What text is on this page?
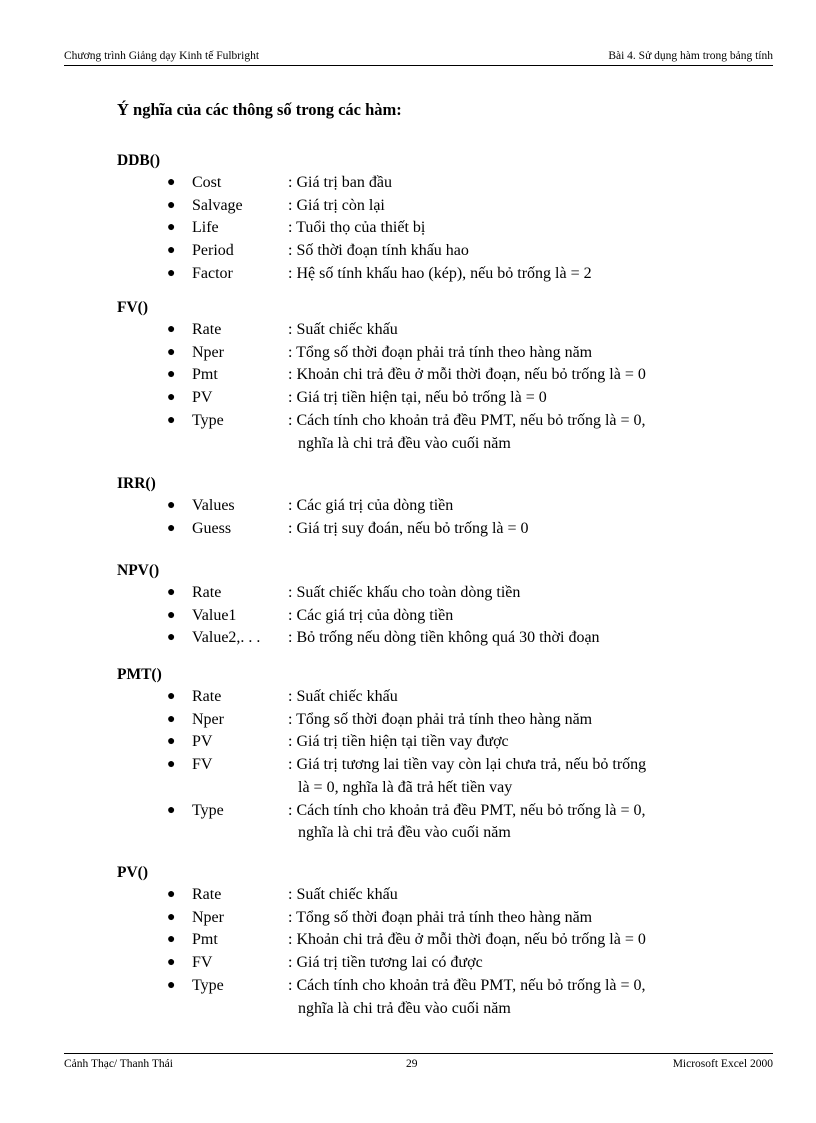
Chương trình Giảng dạy Kinh tế Fulbright	Bài 4. Sử dụng hàm trong bảng tính
Ý nghĩa của các thông số trong các hàm:
DDB()
● Cost	: Giá trị ban đầu
● Salvage	: Giá trị còn lại
● Life	: Tuổi thọ của thiết bị
● Period	: Số thời đoạn tính khấu hao
● Factor	: Hệ số tính khấu hao (kép), nếu bỏ trống là = 2
FV()
● Rate	: Suất chiếc khấu
● Nper	: Tổng số thời đoạn phải trả tính theo hàng năm
● Pmt	: Khoản chi trả đều ở mỗi thời đoạn, nếu bỏ trống là = 0
● PV	: Giá trị tiền hiện tại, nếu bỏ trống là = 0
● Type	: Cách tính cho khoản trả đều PMT, nếu bỏ trống là = 0,
nghĩa là chi trả đều vào cuối năm
IRR()
● Values	: Các giá trị của dòng tiền
● Guess	: Giá trị suy đoán, nếu bỏ trống là = 0
NPV()
● Rate	: Suất chiếc khấu cho toàn dòng tiền
● Value1	: Các giá trị của dòng tiền
● Value2,. . . : Bỏ trống nếu dòng tiền không quá 30 thời đoạn
PMT()
● Rate	: Suất chiếc khấu
● Nper	: Tổng số thời đoạn phải trả tính theo hàng năm
● PV	: Giá trị tiền hiện tại tiền vay được
● FV	: Giá trị tương lai tiền vay còn lại chưa trả, nếu bỏ trống
là = 0, nghĩa là đã trả hết tiền vay
● Type	: Cách tính cho khoản trả đều PMT, nếu bỏ trống là = 0,
nghĩa là chi trả đều vào cuối năm
PV()
● Rate	: Suất chiếc khấu
● Nper	: Tổng số thời đoạn phải trả tính theo hàng năm
● Pmt	: Khoản chi trả đều ở mỗi thời đoạn, nếu bỏ trống là = 0
● FV	: Giá trị tiền tương lai có được
● Type	: Cách tính cho khoản trả đều PMT, nếu bỏ trống là = 0,
nghĩa là chi trả đều vào cuối năm
Cảnh Thạc/ Thanh Thái	29	Microsoft Excel 2000
